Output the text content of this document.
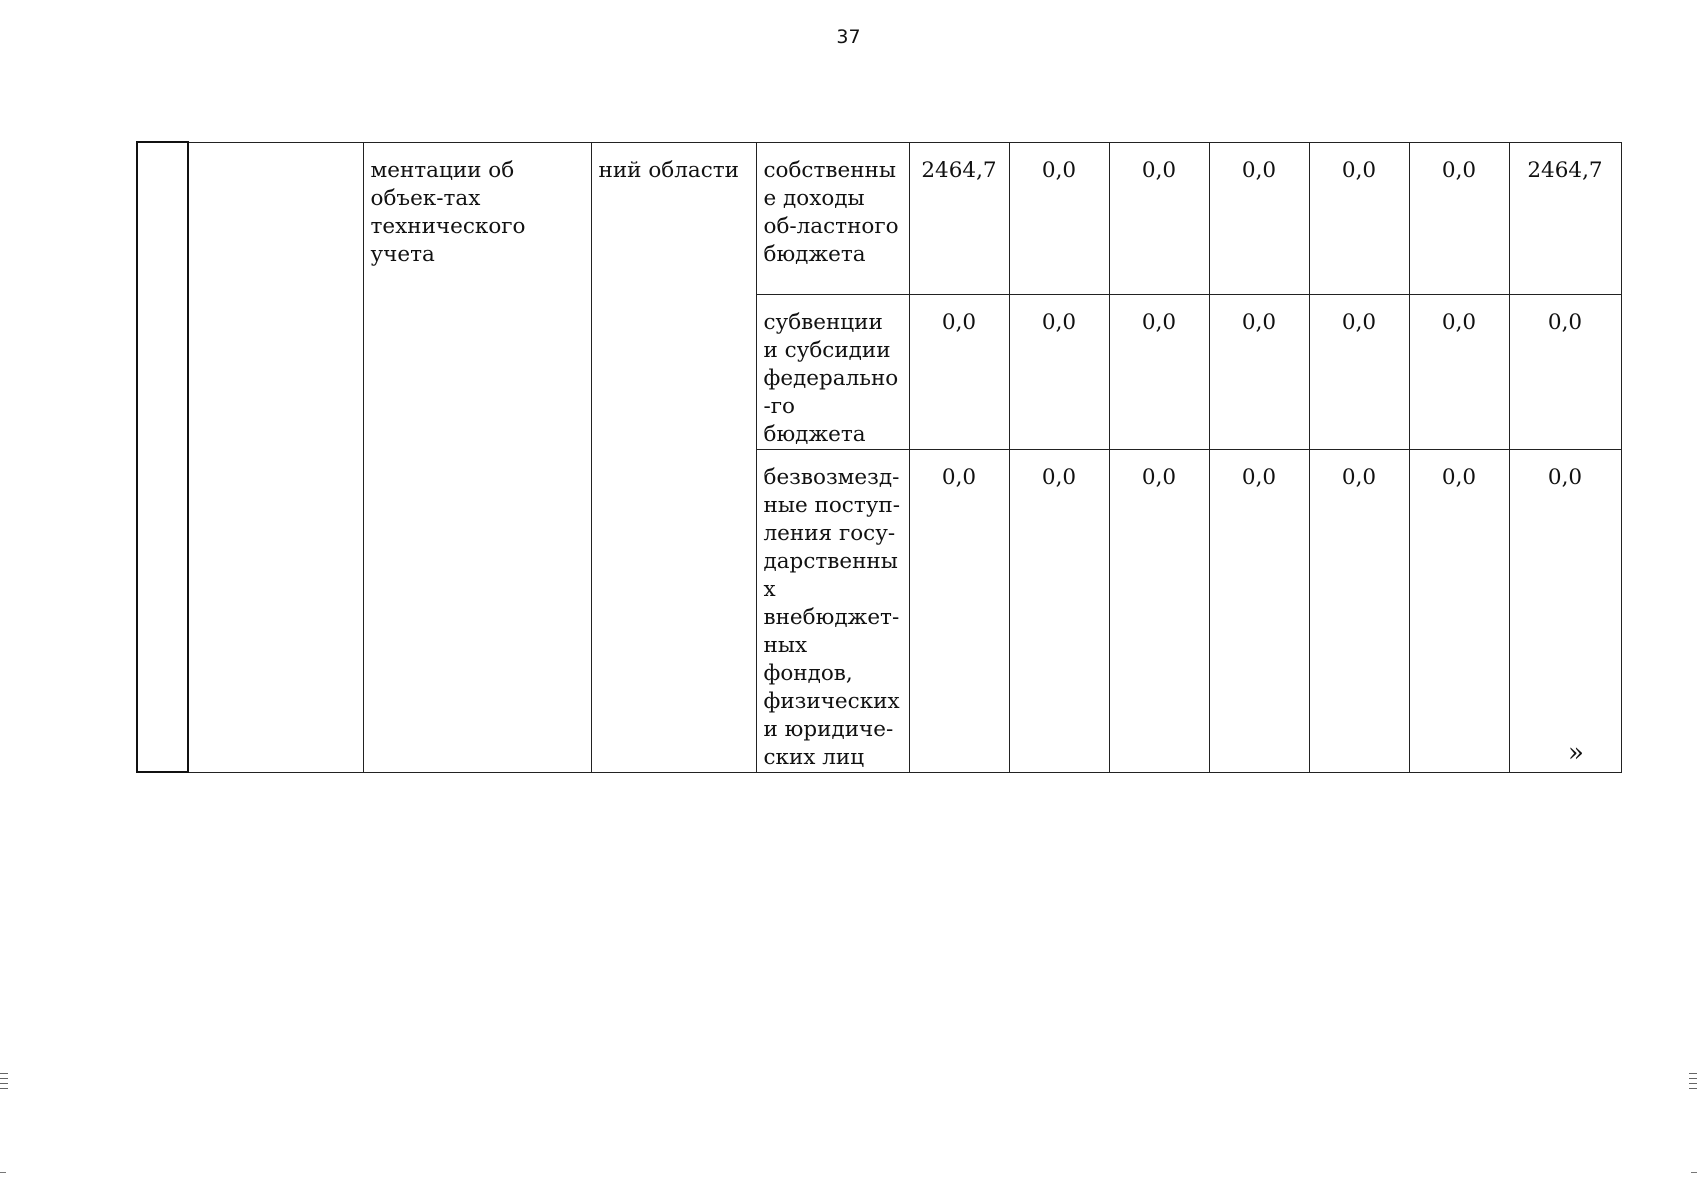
37
		ментации об объек-тах технического учета	ний области	собственные доходы об-ластного бюджета	2464,7	0,0	0,0	0,0	0,0	0,0	2464,7
				субвенции и субсидии федерально-го бюджета	0,0	0,0	0,0	0,0	0,0	0,0	0,0
				безвозмезд-ные поступ-ления госу-дарственных внебюджет-ных фондов, физических и юридиче-ских лиц	0,0	0,0	0,0	0,0	0,0	0,0	0,0
»
